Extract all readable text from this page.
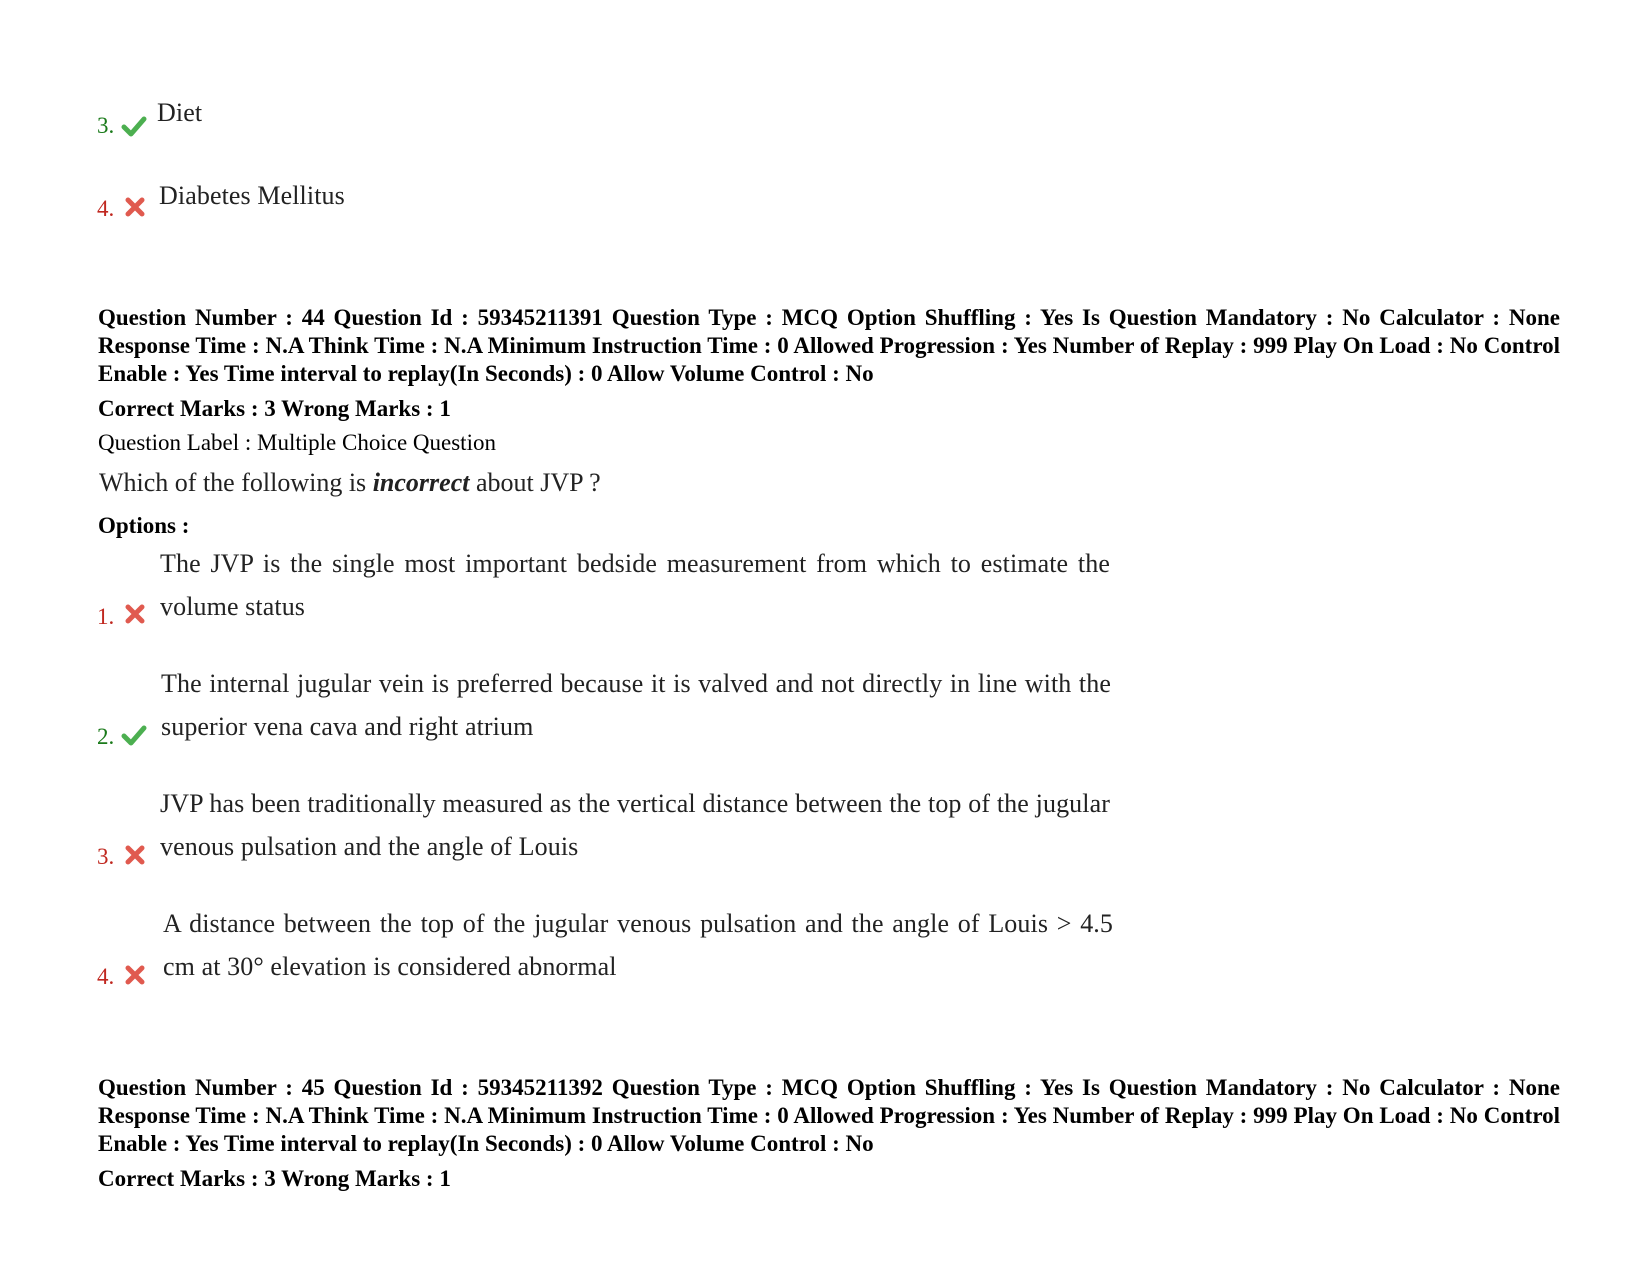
3. Diet
4. Diabetes Mellitus
Question Number : 44 Question Id : 59345211391 Question Type : MCQ Option Shuffling : Yes Is Question Mandatory : No Calculator : None Response Time : N.A Think Time : N.A Minimum Instruction Time : 0 Allowed Progression : Yes Number of Replay : 999 Play On Load : No Control Enable : Yes Time interval to replay(In Seconds) : 0 Allow Volume Control : No
Correct Marks : 3 Wrong Marks : 1
Question Label : Multiple Choice Question
Which of the following is incorrect about JVP ?
Options :
The JVP is the single most important bedside measurement from which to estimate the volume status
1.
The internal jugular vein is preferred because it is valved and not directly in line with the superior vena cava and right atrium
2.
JVP has been traditionally measured as the vertical distance between the top of the jugular venous pulsation and the angle of Louis
3.
A distance between the top of the jugular venous pulsation and the angle of Louis > 4.5 cm at 30° elevation is considered abnormal
4.
Question Number : 45 Question Id : 59345211392 Question Type : MCQ Option Shuffling : Yes Is Question Mandatory : No Calculator : None Response Time : N.A Think Time : N.A Minimum Instruction Time : 0 Allowed Progression : Yes Number of Replay : 999 Play On Load : No Control Enable : Yes Time interval to replay(In Seconds) : 0 Allow Volume Control : No
Correct Marks : 3 Wrong Marks : 1
